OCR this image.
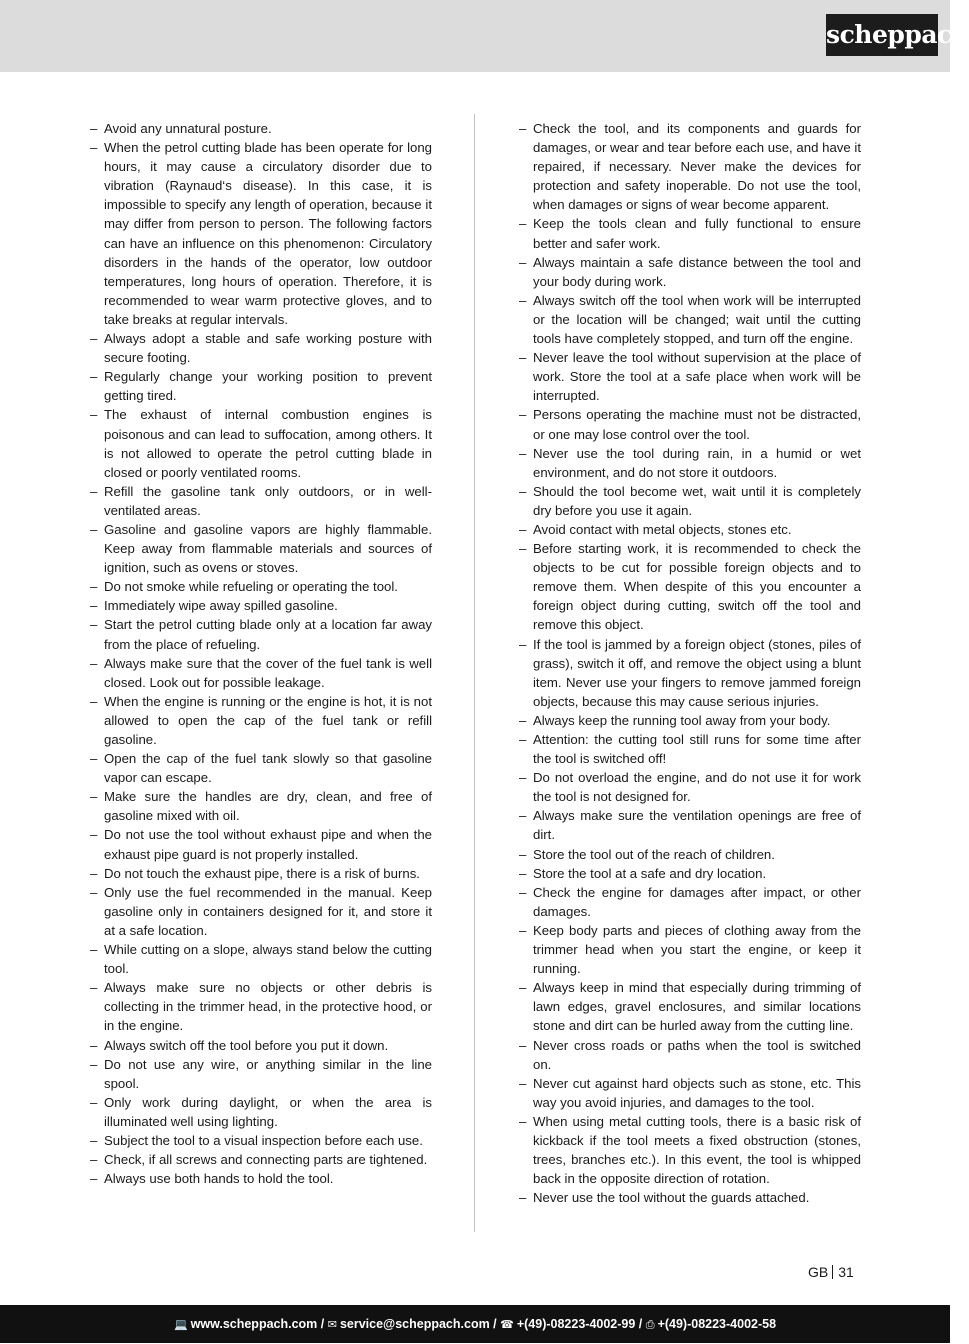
scheppach
– Avoid any unnatural posture.
– When the petrol cutting blade has been operate for long hours, it may cause a circulatory disorder due to vibration (Raynaud‘s disease). In this case, it is impossible to specify any length of operation, because it may differ from person to person. The following factors can have an influence on this phenomenon: Circulatory disorders in the hands of the operator, low outdoor temperatures, long hours of operation. Therefore, it is recommended to wear warm protective gloves, and to take breaks at regular intervals.
– Always adopt a stable and safe working posture with secure footing.
– Regularly change your working position to prevent getting tired.
– The exhaust of internal combustion engines is poisonous and can lead to suffocation, among others. It is not allowed to operate the petrol cutting blade in closed or poorly ventilated rooms.
– Refill the gasoline tank only outdoors, or in well-ventilated areas.
– Gasoline and gasoline vapors are highly flammable. Keep away from flammable materials and sources of ignition, such as ovens or stoves.
– Do not smoke while refueling or operating the tool.
– Immediately wipe away spilled gasoline.
– Start the petrol cutting blade only at a location far away from the place of refueling.
– Always make sure that the cover of the fuel tank is well closed. Look out for possible leakage.
– When the engine is running or the engine is hot, it is not allowed to open the cap of the fuel tank or refill gasoline.
– Open the cap of the fuel tank slowly so that gasoline vapor can escape.
– Make sure the handles are dry, clean, and free of gasoline mixed with oil.
– Do not use the tool without exhaust pipe and when the exhaust pipe guard is not properly installed.
– Do not touch the exhaust pipe, there is a risk of burns.
– Only use the fuel recommended in the manual. Keep gasoline only in containers designed for it, and store it at a safe location.
– While cutting on a slope, always stand below the cutting tool.
– Always make sure no objects or other debris is collecting in the trimmer head, in the protective hood, or in the engine.
– Always switch off the tool before you put it down.
– Do not use any wire, or anything similar in the line spool.
– Only work during daylight, or when the area is illuminated well using lighting.
– Subject the tool to a visual inspection before each use.
– Check, if all screws and connecting parts are tightened.
– Always use both hands to hold the tool.
– Check the tool, and its components and guards for damages, or wear and tear before each use, and have it repaired, if necessary. Never make the devices for protection and safety inoperable. Do not use the tool, when damages or signs of wear become apparent.
– Keep the tools clean and fully functional to ensure better and safer work.
– Always maintain a safe distance between the tool and your body during work.
– Always switch off the tool when work will be interrupted or the location will be changed; wait until the cutting tools have completely stopped, and turn off the engine.
– Never leave the tool without supervision at the place of work. Store the tool at a safe place when work will be interrupted.
– Persons operating the machine must not be distracted, or one may lose control over the tool.
– Never use the tool during rain, in a humid or wet environment, and do not store it outdoors.
– Should the tool become wet, wait until it is completely dry before you use it again.
– Avoid contact with metal objects, stones etc.
– Before starting work, it is recommended to check the objects to be cut for possible foreign objects and to remove them. When despite of this you encounter a foreign object during cutting, switch off the tool and remove this object.
– If the tool is jammed by a foreign object (stones, piles of grass), switch it off, and remove the object using a blunt item. Never use your fingers to remove jammed foreign objects, because this may cause serious injuries.
– Always keep the running tool away from your body.
– Attention: the cutting tool still runs for some time after the tool is switched off!
– Do not overload the engine, and do not use it for work the tool is not designed for.
– Always make sure the ventilation openings are free of dirt.
– Store the tool out of the reach of children.
– Store the tool at a safe and dry location.
– Check the engine for damages after impact, or other damages.
– Keep body parts and pieces of clothing away from the trimmer head when you start the engine, or keep it running.
– Always keep in mind that especially during trimming of lawn edges, gravel enclosures, and similar locations stone and dirt can be hurled away from the cutting line.
– Never cross roads or paths when the tool is switched on.
– Never cut against hard objects such as stone, etc. This way you avoid injuries, and damages to the tool.
– When using metal cutting tools, there is a basic risk of kickback if the tool meets a fixed obstruction (stones, trees, branches etc.). In this event, the tool is whipped back in the opposite direction of rotation.
– Never use the tool without the guards attached.
GB 31
💻 www.scheppach.com / ✉ service@scheppach.com / ☎ +(49)-08223-4002-99 / ⎙ +(49)-08223-4002-58
